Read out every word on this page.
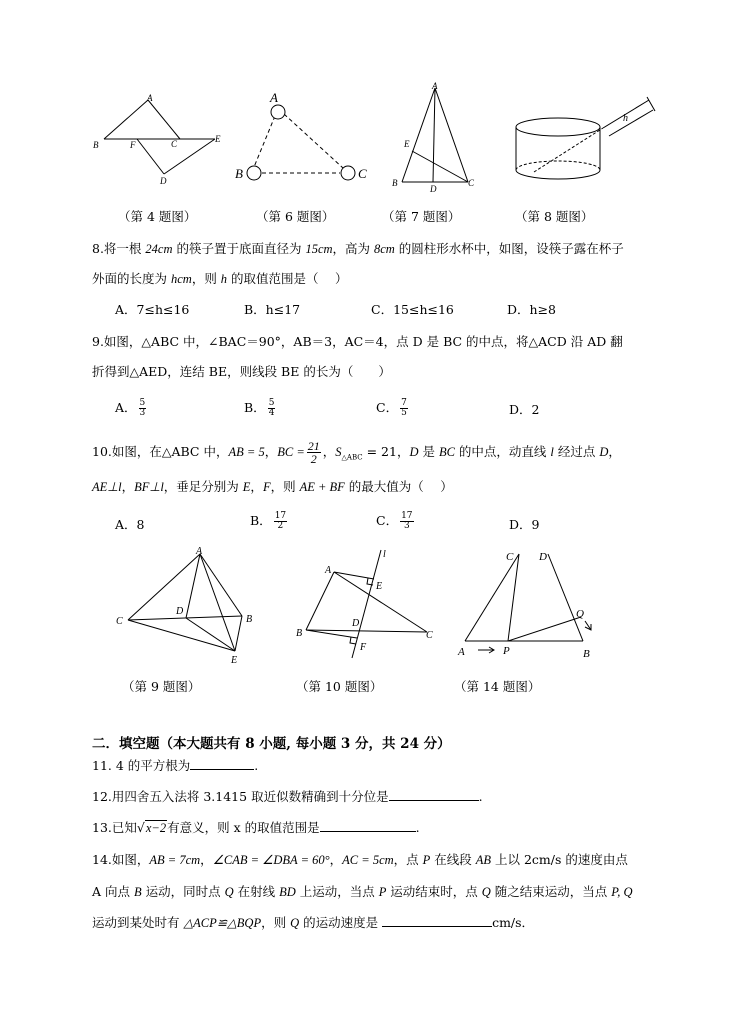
A
B	F	C	E
D
（第 4 题图）
A
B	C
（第 6 题图）
A
E
B
D
C
（第 7 题图）
h
（第 8 题图）
8.将一根 24cm 的筷子置于底面直径为 15cm，高为 8cm 的圆柱形水杯中，如图，设筷子露在杯子
外面的长度为 hcm，则 h 的取值范围是（　 ）
A．7≤h≤16	B．h≤17	C．15≤h≤16	D．h≥8
9.如图，△ABC 中，∠BAC＝90°，AB＝3，AC＝4，点 D 是 BC 的中点，将△ACD 沿 AD 翻
折得到△AED，连结 BE，则线段 BE 的长为（　　）
A． $\frac{5}{3}$	B． $\frac{5}{4}$	C． $\frac{7}{5}$	D．2
10.如图，在△ABC 中，AB = 5，BC = $\frac{21}{2}$ ，$S_{\triangle ABC} = 21$，D 是 BC 的中点，动直线 l 经过点 D，
AE⊥l，BF⊥l，垂足分别为 E，F，则 AE + BF 的最大值为（　 ）
A．8	B． $\frac{17}{2}$	C． $\frac{17}{3}$	D．9
A
D
B
C
E
（第 9 题图）
l
A
E
D
B	C
F
（第 10 题图）
C D
Q
A	P	B
（第 14 题图）
二．填空题（本大题共有 8 小题, 每小题 3 分，共 24 分）
11. 4 的平方根为	.
12.用四舍五入法将 3.1415 取近似数精确到十分位是	.
13.已知√x−2有意义，则 x 的取值范围是	.
14.如图，AB = 7cm，∠CAB = ∠DBA = 60°，AC = 5cm，点 P 在线段 AB 上以 2cm/s 的速度由点
A 向点 B 运动，同时点 Q 在射线 BD 上运动，当点 P 运动结束时，点 Q 随之结束运动，当点 P, Q
运动到某处时有 △ACP≌△BQP，则 Q 的运动速度是	cm/s．
